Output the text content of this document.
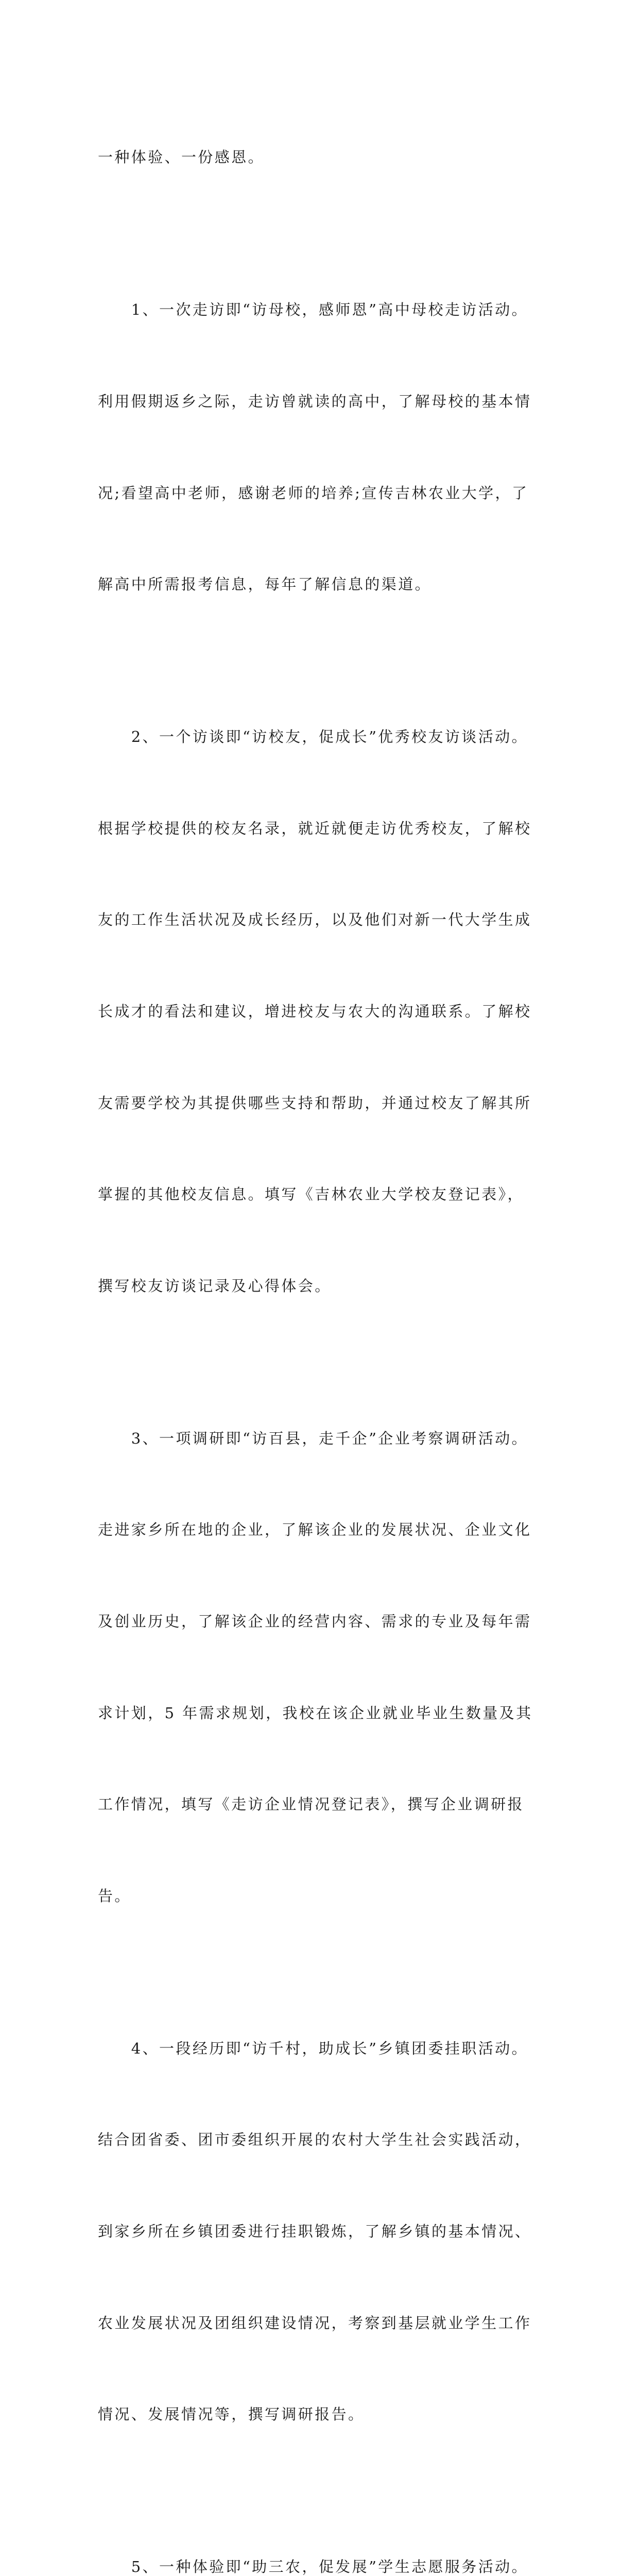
一种体验、一份感恩。

　　1、一次走访即“访母校，感师恩”高中母校走访活动。

利用假期返乡之际，走访曾就读的高中，了解母校的基本情

况;看望高中老师，感谢老师的培养;宣传吉林农业大学，了

解高中所需报考信息，每年了解信息的渠道。

　　2、一个访谈即“访校友，促成长”优秀校友访谈活动。

根据学校提供的校友名录，就近就便走访优秀校友，了解校

友的工作生活状况及成长经历，以及他们对新一代大学生成

长成才的看法和建议，增进校友与农大的沟通联系。了解校

友需要学校为其提供哪些支持和帮助，并通过校友了解其所

掌握的其他校友信息。填写《吉林农业大学校友登记表》，

撰写校友访谈记录及心得体会。

　　3、一项调研即“访百县，走千企”企业考察调研活动。

走进家乡所在地的企业，了解该企业的发展状况、企业文化

及创业历史，了解该企业的经营内容、需求的专业及每年需

求计划，5 年需求规划，我校在该企业就业毕业生数量及其

工作情况，填写《走访企业情况登记表》，撰写企业调研报

告。

　　4、一段经历即“访千村，助成长”乡镇团委挂职活动。

结合团省委、团市委组织开展的农村大学生社会实践活动，

到家乡所在乡镇团委进行挂职锻炼，了解乡镇的基本情况、

农业发展状况及团组织建设情况，考察到基层就业学生工作

情况、发展情况等，撰写调研报告。

　　5、一种体验即“助三农，促发展”学生志愿服务活动。
